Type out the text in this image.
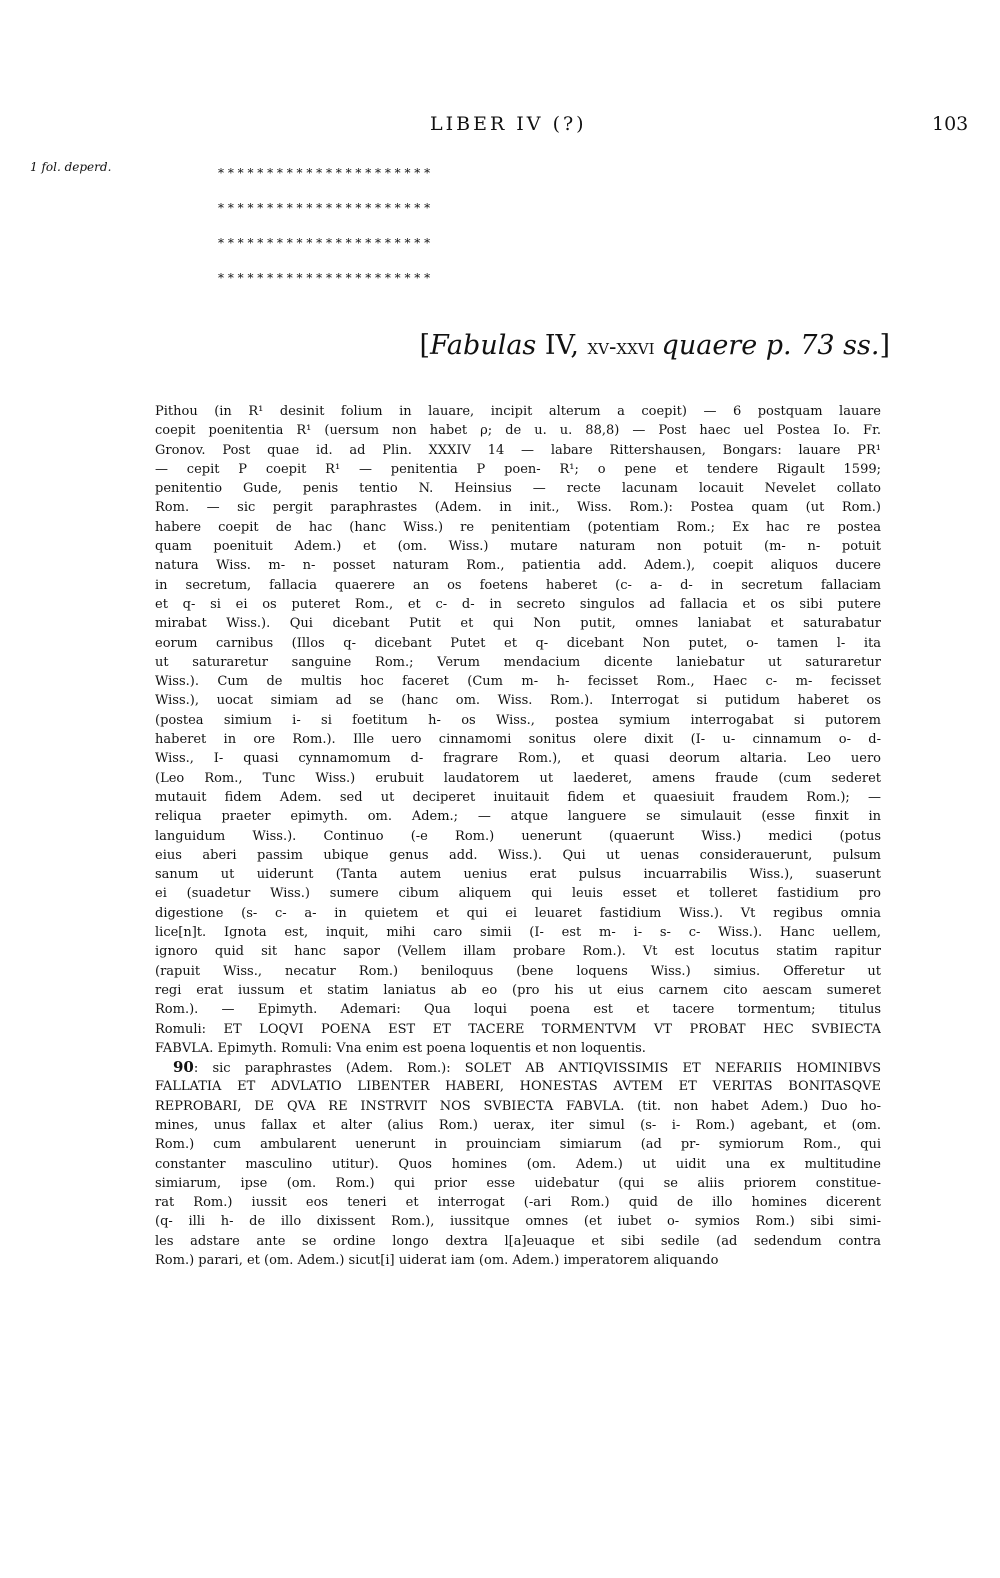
LIBER IV (?)	103
1 fol. deperd.	* * * * * * * * * * * * * * * * * * * * * *
* * * * * * * * * * * * * * * * * * * * * *
* * * * * * * * * * * * * * * * * * * * * *
* * * * * * * * * * * * * * * * * * * * * *
[Fabulas IV, xv-xxvi quaere p. 73 ss.]
Pithou (in R¹ desinit folium in lauare, incipit alterum a coepit) — 6 postquam lauare
coepit poenitentia R¹ (uersum non habet ρ; de u. u. 88,8) — Post haec uel Postea Io. Fr.
Gronov. Post quae id. ad Plin. XXXIV 14 — labare Rittershausen, Bongars: lauare PR¹
— cepit P coepit R¹ — penitentia P poen- R¹; o pene et tendere Rigault 1599;
penitentio Gude, penis tentio N. Heinsius — recte lacunam locauit Nevelet collato
Rom. — sic pergit paraphrastes (Adem. in init., Wiss. Rom.): Postea quam (ut Rom.)
habere coepit de hac (hanc Wiss.) re penitentiam (potentiam Rom.; Ex hac re postea
quam poenituit Adem.) et (om. Wiss.) mutare naturam non potuit (m- n- potuit
natura Wiss. m- n- posset naturam Rom., patientia add. Adem.), coepit aliquos ducere
in secretum, fallacia quaerere an os foetens haberet (c- a- d- in secretum fallaciam
et q- si ei os puteret Rom., et c- d- in secreto singulos ad fallacia et os sibi putere
mirabat Wiss.). Qui dicebant Putit et qui Non putit, omnes laniabat et saturabatur
eorum carnibus (Illos q- dicebant Putet et q- dicebant Non putet, o- tamen l- ita
ut saturaretur sanguine Rom.; Verum mendacium dicente laniebatur ut saturaretur
Wiss.). Cum de multis hoc faceret (Cum m- h- fecisset Rom., Haec c- m- fecisset
Wiss.), uocat simiam ad se (hanc om. Wiss. Rom.). Interrogat si putidum haberet os
(postea simium i- si foetitum h- os Wiss., postea symium interrogabat si putorem
haberet in ore Rom.). Ille uero cinnamomi sonitus olere dixit (I- u- cinnamum o- d-
Wiss., I- quasi cynnamomum d- fragrare Rom.), et quasi deorum altaria. Leo uero
(Leo Rom., Tunc Wiss.) erubuit laudatorem ut laederet, amens fraude (cum sederet
mutauit fidem Adem. sed ut deciperet inuitauit fidem et quaesiuit fraudem Rom.); —
reliqua praeter epimyth. om. Adem.; — atque languere se simulauit (esse finxit in
languidum Wiss.). Continuo (-e Rom.) uenerunt (quaerunt Wiss.) medici (potus
eius aberi passim ubique genus add. Wiss.). Qui ut uenas considerauerunt, pulsum
sanum ut uiderunt (Tanta autem uenius erat pulsus incuarrabilis Wiss.), suaserunt
ei (suadetur Wiss.) sumere cibum aliquem qui leuis esset et tolleret fastidium pro
digestione (s- c- a- in quietem et qui ei leuaret fastidium Wiss.). Vt regibus omnia
lice[n]t. Ignota est, inquit, mihi caro simii (I- est m- i- s- c- Wiss.). Hanc uellem,
ignoro quid sit hanc sapor (Vellem illam probare Rom.). Vt est locutus statim rapitur
(rapuit Wiss., necatur Rom.) beniloquus (bene loquens Wiss.) simius. Offeretur ut
regi erat iussum et statim laniatus ab eo (pro his ut eius carnem cito aescam sumeret
Rom.). — Epimyth. Ademari: Qua loqui poena est et tacere tormentum; titulus
Romuli: ET LOQVI POENA EST ET TACERE TORMENTVM VT PROBAT HEC SVBIECTA
FABVLA. Epimyth. Romuli: Vna enim est poena loquentis et non loquentis.
90: sic paraphrastes (Adem. Rom.): SOLET AB ANTIQVISSIMIS ET NEFARIIS HOMINIBVS
FALLATIA ET ADVLATIO LIBENTER HABERI, HONESTAS AVTEM ET VERITAS BONITASQVE
REPROBARI, DE QVA RE INSTRVIT NOS SVBIECTA FABVLA. (tit. non habet Adem.) Duo ho-
mines, unus fallax et alter (alius Rom.) uerax, iter simul (s- i- Rom.) agebant, et (om.
Rom.) cum ambularent uenerunt in prouinciam simiarum (ad pr- symiorum Rom., qui
constanter masculino utitur). Quos homines (om. Adem.) ut uidit una ex multitudine
simiarum, ipse (om. Rom.) qui prior esse uidebatur (qui se aliis priorem constitue-
rat Rom.) iussit eos teneri et interrogat (-ari Rom.) quid de illo homines dicerent
(q- illi h- de illo dixissent Rom.), iussitque omnes (et iubet o- symios Rom.) sibi simi-
les adstare ante se ordine longo dextra l[a]euaque et sibi sedile (ad sedendum contra
Rom.) parari, et (om. Adem.) sicut[i] uiderat iam (om. Adem.) imperatorem aliquando
